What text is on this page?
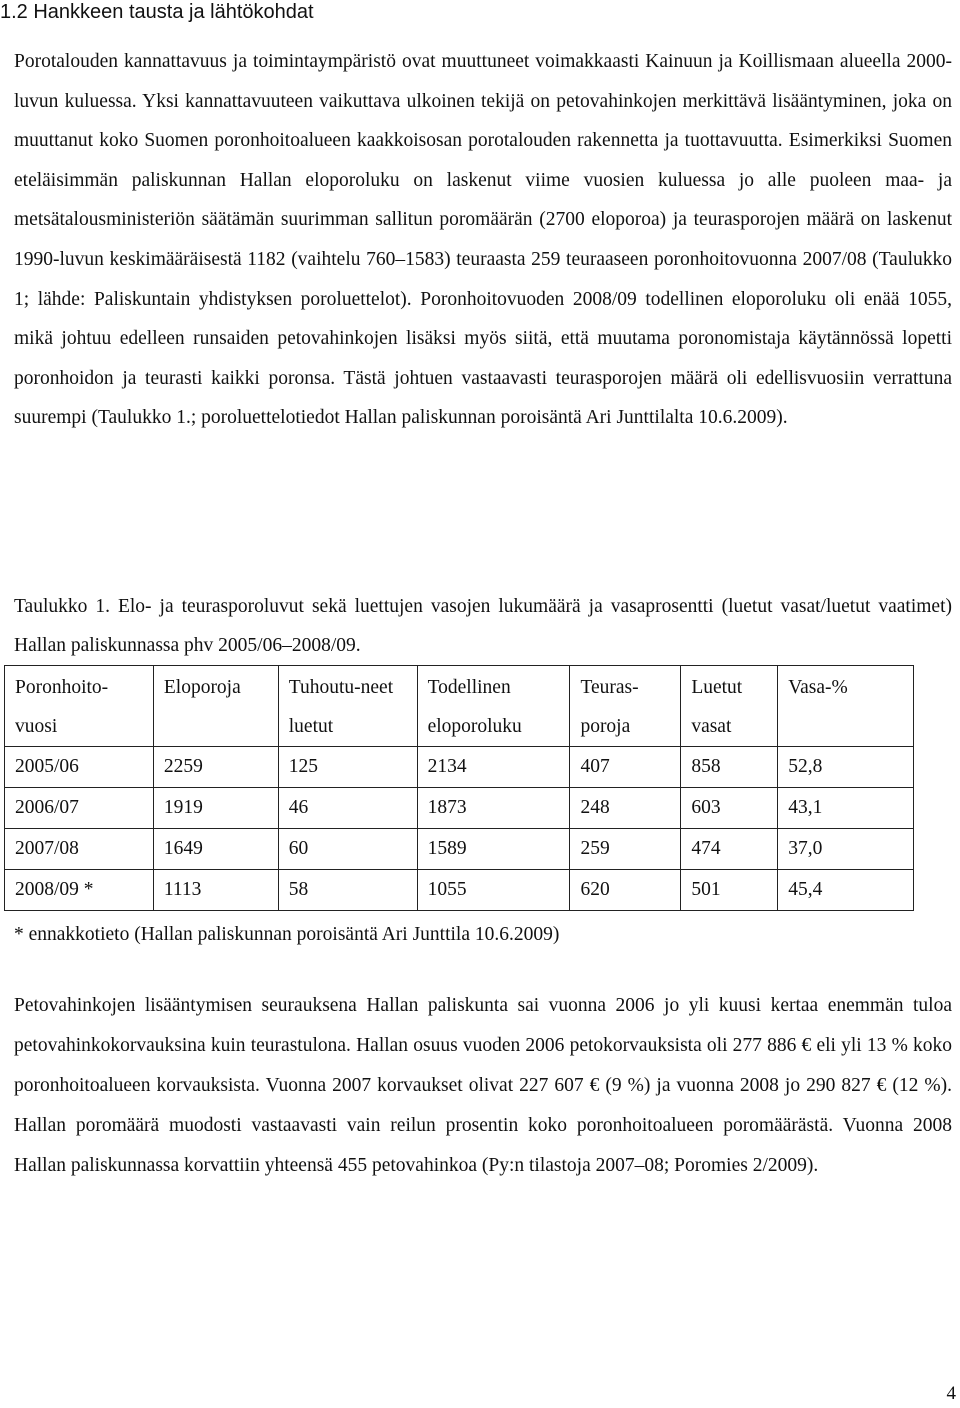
1.2 Hankkeen tausta ja lähtökohdat

Porotalouden kannattavuus ja toimintaympäristö ovat muuttuneet voimakkaasti Kainuun ja Koillismaan alueella 2000-luvun kuluessa. Yksi kannattavuuteen vaikuttava ulkoinen tekijä on petovahinkojen merkittävä lisääntyminen, joka on muuttanut koko Suomen poronhoitoalueen kaakkoisosan porotalouden rakennetta ja tuottavuutta. Esimerkiksi Suomen eteläisimmän paliskunnan Hallan eloporoluku on laskenut viime vuosien kuluessa jo alle puoleen maa- ja metsätalousministeriön säätämän suurimman sallitun poromäärän (2700 eloporoa) ja teurasporojen määrä on laskenut 1990-luvun keskimääräisestä 1182 (vaihtelu 760–1583) teuraasta 259 teuraaseen poronhoitovuonna 2007/08 (Taulukko 1; lähde: Paliskuntain yhdistyksen poroluettelot). Poronhoitovuoden 2008/09 todellinen eloporoluku oli enää 1055, mikä johtuu edelleen runsaiden petovahinkojen lisäksi myös siitä, että muutama poronomistaja käytännössä lopetti poronhoidon ja teurasti kaikki poronsa. Tästä johtuen vastaavasti teurasporojen määrä oli edellisvuosiin verrattuna suurempi (Taulukko 1.; poroluettelotiedot Hallan paliskunnan poroisäntä Ari Junttilalta 10.6.2009).

Taulukko 1. Elo- ja teurasporoluvut sekä luettujen vasojen lukumäärä ja vasaprosentti (luetut vasat/luetut vaatimet) Hallan paliskunnassa phv 2005/06–2008/09.

Poronhoito-vuosi	Eloporoja	Tuhoutu-neet luetut	Todellinen eloporoluku	Teuras-poroja	Luetut vasat	Vasa-%
2005/06	2259	125	2134	407	858	52,8
2006/07	1919	46	1873	248	603	43,1
2007/08	1649	60	1589	259	474	37,0
2008/09 *	1113	58	1055	620	501	45,4
* ennakkotieto (Hallan paliskunnan poroisäntä Ari Junttila 10.6.2009)

Petovahinkojen lisääntymisen seurauksena Hallan paliskunta sai vuonna 2006 jo yli kuusi kertaa enemmän tuloa petovahinkokorvauksina kuin teurastulona. Hallan osuus vuoden 2006 petokorvauksista oli 277 886 € eli yli 13 % koko poronhoitoalueen korvauksista. Vuonna 2007 korvaukset olivat 227 607 € (9 %) ja vuonna 2008 jo 290 827 € (12 %). Hallan poromäärä muodosti vastaavasti vain reilun prosentin koko poronhoitoalueen poromäärästä. Vuonna 2008 Hallan paliskunnassa korvattiin yhteensä 455 petovahinkoa (Py:n tilastoja 2007–08; Poromies 2/2009).

4
